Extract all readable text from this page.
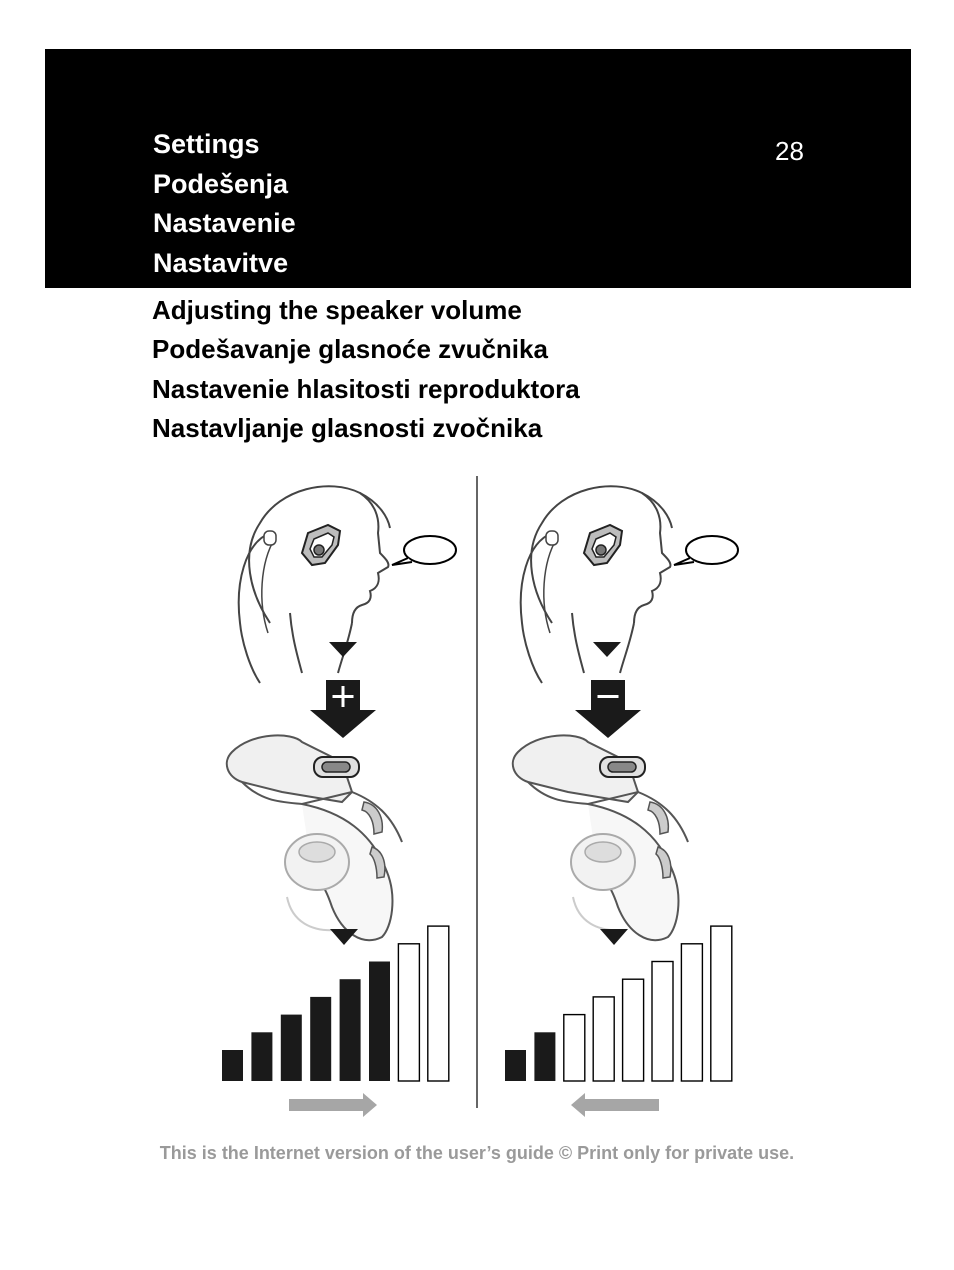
Settings
Podešenja
Nastavenie
Nastavitve
28
Adjusting the speaker volume
Podešavanje glasnoće zvučnika
Nastavenie hlasitosti reproduktora
Nastavljanje glasnosti zvočnika
This is the Internet version of the user’s guide © Print only for private use.
